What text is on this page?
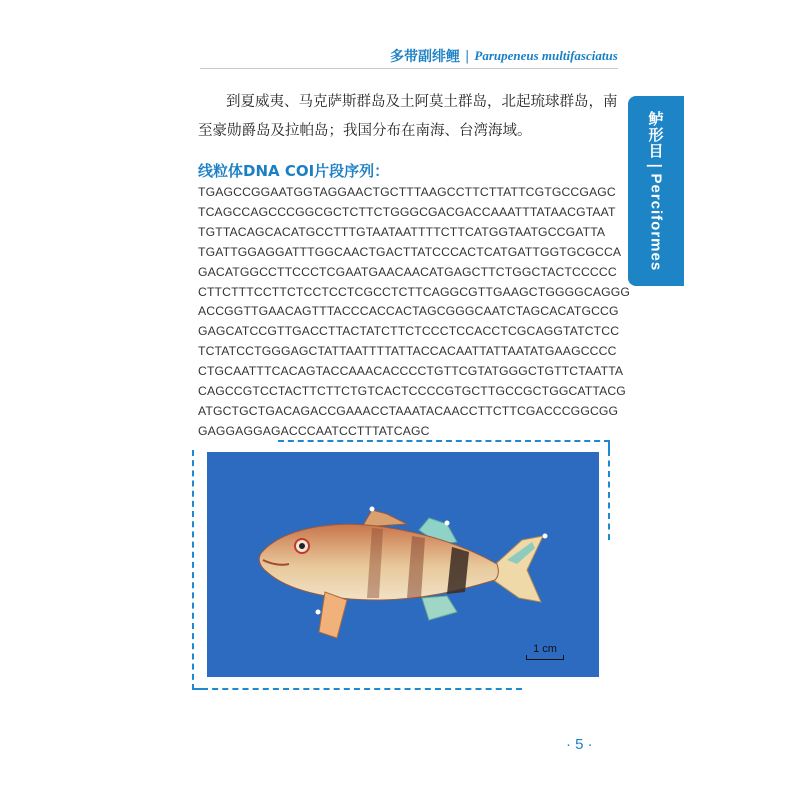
多带副绯鲤 | Parupeneus multifasciatus
鲈形目|Perciformes
到夏威夷、马克萨斯群岛及土阿莫土群岛，北起琉球群岛，南
至豪勋爵岛及拉帕岛；我国分布在南海、台湾海域。
线粒体DNA COI片段序列：
TGAGCCGGAATGGTAGGAACTGCTTTAAGCCTTCTTATTCGTGCCGAGC
TCAGCCAGCCCGGCGCTCTTCTGGGCGACGACCAAATTTATAACGTAAT
TGTTACAGCACATGCCTTTGTAATAATTTTCTTCATGGTAATGCCGATTA
TGATTGGAGGATTTGGCAACTGACTTATCCCACTCATGATTGGTGCGCCA
GACATGGCCTTCCCTCGAATGAACAACATGAGCTTCTGGCTACTCCCCC
CTTCTTTCCTTCTCCTCCTCGCCTCTTCAGGCGTTGAAGCTGGGGCAGGG
ACCGGTTGAACAGTTTACCCACCACTAGCGGGCAATCTAGCACATGCCG
GAGCATCCGTTGACCTTACTATCTTCTCCCTCCACCTCGCAGGTATCTCC
TCTATCCTGGGAGCTATTAATTTTATTACCACAATTATTAATATGAAGCCCC
CTGCAATTTCACAGTACCAAACACCCCTGTTCGTATGGGCTGTTCTAATTA
CAGCCGTCCTACTTCTTCTGTCACTCCCCGTGCTTGCCGCTGGCATTACG
ATGCTGCTGACAGACCGAAACCTAAATACAACCTTCTTCGACCCGGCGG
GAGGAGGAGACCCAATCCTTTATCAGC
1 cm
· 5 ·
